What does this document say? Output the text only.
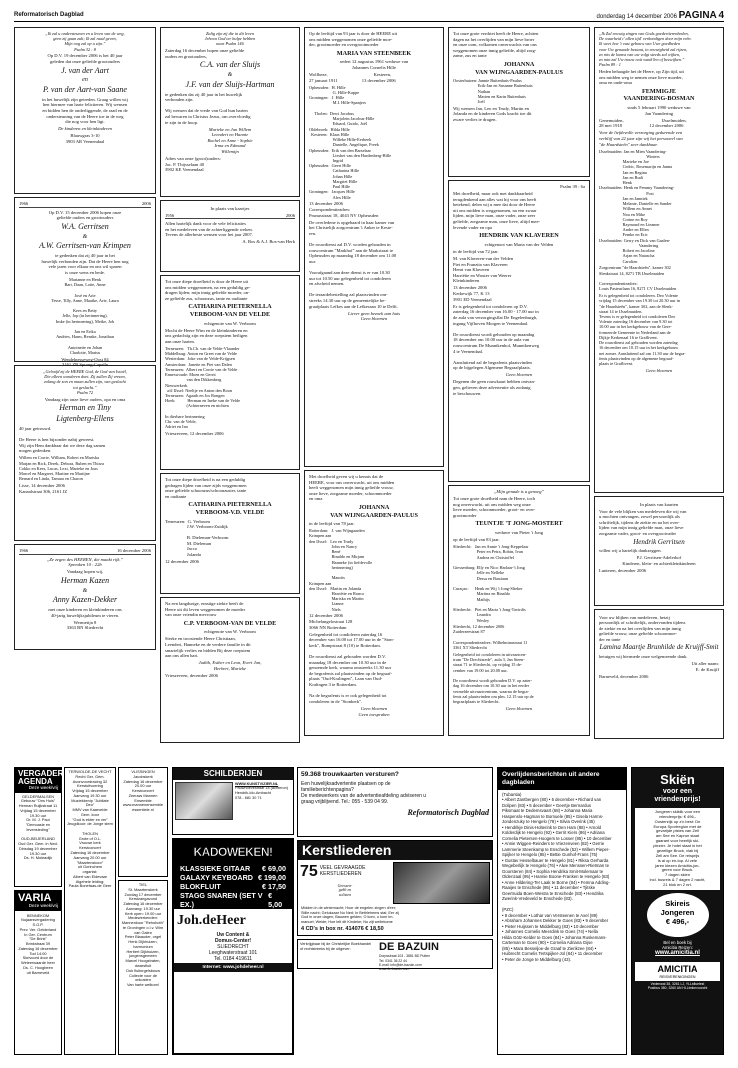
Reformatorisch Dagblad	donderdag 14 december 2006 PAGINA 4
„Ik zal u ondersteunen en u leven van de weg,
geen zij gaan zult; Ik zal raad geven,
Mijn oog zal op u zijn.”
Psalm 32 : 8
Op D.V. 19 december 2006 is het 40 jaar
geleden dat onze geliefde grootouders
J. van der Aart
en
P. van der Aart-van Saane
in het huwelijk zijn getreden. Graag willen wij
hen hiermee van harte feliciteren. Wij wensen
en bidden hen de onderliggende, de raad en de
ondersteuning van de Heere toe in de weg
die nog voor hen ligt.
De kinderen en kleinkinderen
Blauwgras 3-10
3903 AR Veenendaal
1966	2006
Op D.V. 15 december 2006 hopen onze
geliefde ouders en grootouders
W.A. Gerritsen
&
A.W. Gerritsen-van Krimpen
te gedenken dat zij 40 jaar in het
huwelijk verbonden zijn. Dat de Heere hen nog
vele jaren voor elkaar en ons wil sparen
is onze wens en bede.
Marianne en Henk
Bart, Daan, Lotte, Anne

José en Arie
Tesse, Tilly, Anne, Maaike, Arie, Laura

Kees en Betty
Jelle, Jop (in herinnering),
Imke (in herinnering), Meike, Job

Jan en Erika
Andries, Harm, Renske, Jonathan

Antoinette en Johan
Charlotte, Marius
Wendelnesseweg-Oost 84
3161 ZB Sprang-Capelle
„Geloofd zij de HEERE God, de God van Israël,
Die alleen wonderen doet. Zij zullen Zij vrezen,
zolang de zon en maan zullen zijn, van geslacht
tot geslacht.”
Psalm 72
Vandaag zijn onze lieve ouders, opa en oma
Herman en Tiny
Ligtenberg-Ellens
40 jaar getrouwd.

De Heere is hen bijzonder nabij geweest.
Wij zijn Hem dankbaar dat we deze dag samen
mogen gedenken.
Willem en Corrie, William, Robert en Mariska
Marjan en Rick, Derek, Debora, Ruben en Thirza
Cokko en Kees, Lucas, Lexi, Marieke en Joas
Marcel en Margreet, Martine en Martijne
Bernard en Linda, Tamara en Charon
Lisse, 14 december 2006
Kanaalstraat 306, 2161 JZ
1966	16 december 2006
„Ze zegen des HEEREN, die maakt rijk.”
Spreuken 10 : 22b
Vandaag hopen wij,
Herman Kazen
&
Anny Kazen-Dekker
met onze kinderen en kleinkinderen ons
40-jarig huwelijksjubileum te vieren.
Wermetijn 8
3363 BN Sliedrecht
Zalig zijn zij die in dit leven
Jehova God ter hulpe hebben
naar Psalm 146
Zaterdag 16 december hopen onze geliefde
ouders en grootouders,
C.A. van der Sluijs
&
J.F. van der Sluijs-Hartman
te gedenken dat zij 40 jaar in het huwelijk
verbonden zijn.

Wij wensen dat de vrede van God hun harten
zal bewaren in Christus Jezus, om overvloedig
te zijn in de hoop.
Marieke en Jan Willem
Leendert en Hannie
Rachel en Anne - Sophie
Irma en Edmund
Willemijn
Adres van onze (groot)ouders:
Jac. P. Thijsselaan 40
3902 KE Veenendaal
In plaats van kaartjes
1956	2006
Allen hartelijk dank voor de vele felicitaties
en het medeleven van de achterliggende weken.
Tevens de allerbeste wensen voor het jaar 2007.
A. Bos & A.J. Bos-van Herk
Tot onze diepe droefheid is door de Heere uit
ons midden weggenomen, na een geduldig ge-
dragen lijden; mijn innig geliefde moeder, on-
ze geliefde zus, schoonzus, tante en oudtante
CATHARINA PIETERNELLA
VERBOOM-VAN DE VELDE
echtgenote van W. Verboom
Mocht de Heere Wim en de kleinkinderen en
ons gedachtig zijn en deze roepstem heiligen
aan onze harten.
Terneuzen:   Th.Ch. van de Velde-Vlaander
Middelburg: Anton en Greet van de Velde
Westerdam:  Joke van de Velde-Krijgsen
Amsterdam:  Janette en Piet van Dalen
Terneuzen:  Albert en Corrie van de Velde
Enneswoude: Moen en Gerrit
van den Dikkenberg
Nieuwerkerk
a/d IJssel: Neeltje en Anton den Boon
Terneuzen:  Agaath en Jos Rongen
Hoek:           Herman en Ineke van de Velde
(Achterneven en nichten

In dierbare herinnering
Chr. van de Velde,
Adriet en Ina
Vrieszeveen, 12 december 2006
Tot onze diepe droefheid is na een geduldig
gedragen lijden van onze zijds weggenomen
onze geliefde schoonzus/schoonzuster, tante
en oudtante
CATHARINA PIETERNELLA
VERBOOM-V.D. VELDE
Terneuzen:  G. Verboom
J.W. Verboom-Zuidijk

B. Dieleman-Verboom
M. Dieleman
Jacco
Jolanda
12 december 2006
Na een langdurige, ernstige ziekte heeft de
Heere uit dit leven weggenomen de moeder
van onze vriendin mevrouw
C.P. VERBOOM-VAN DE VELDE
echtgenote van W. Verboom
Sterke en troostende Heere Christiaan,
Leendert, Hanneke en de verdere familie in dit
smartelijk verlies en bidden Bij deze roepstem
aan ons allen hart.
Judith, Esther en Leon, Evert Jan,
Herbert, Marieke
Vrieszeveen, december 2006
Op de leeftijd van 93 jaar is door de HEERE uit
ons midden weggenomen onze geliefde moe-
der, grootmoeder en overgrootmoeder
MARIA VAN STEENBEEK
sedert 12 augustus 1961 weduwe van
Johannes Cornelis Hille
Wolfheze,                                        Kesteren,
27 januari 1911                     13 december 2006
Opheusden:  H. Hille
G. Hille-Kappe
Groningen:   J. Hille
M.I. Hille-Spanjers

Tholen:  Dewi Jacobus
Marjolein Jacobus-Hille
Eduard, Guido, Joël
Oldebroek:  Hilda Hille
Kesteren:  Klaas Hille
Willeke Hille-Eerbeek
Danielle, Angelique, Freek
Opheusden:  Erik van den Barselaar
Liesbet van den Hardenberg-Hille
Ingrid
Opheusden:  Geert Hille
Catharina Hille
Johan Hille
Margriet Hille
Paul Hille
Groningen:   Jacques Hille
Alex Hille
13 december 2006
Correspondentieadres:
Prunusstraat 18, 4043 NV Opheusden
De overledene is opgebaard in haar kamer van
het Christelijk zorgcentrum 't Anker te Keste-
ren.

De rouwdienst zal D.V. worden gehouden in
rouwcentrum "Markhof" aan de Markstraat te
Opheusden op maandag 18 december om 11.00
uur.

Voorafgaand aan deze dienst is er van 10.30
uur tot 10.50 uur gelegenheid tot condoleren
en afscheid nemen.

De teraardebestelling zal plaatsvinden om-
streeks 14.30 uur op de gemeentelijke be-
graafplaats Lefkes aan de Lefkesaan 10 te Delft.
Liever geen bezoek aan huis
Geen bloemen
Met droefheid geven wij u kennis dat de
HEERE, voor ons onverwacht, uit ons midden
heeft weggenomen mijn innig geliefde vrouw,
onze lieve, zorgzame moeder, schoonmoeder
en oma
JOHANNA
VAN WIJNGAARDEN-PAULUS
in de leeftijd van 78 jaar.
Rotterdam:   J. van Wijngaarden
Krimpen aan
den IJssel:   Leo en Trudy
John en Nancy
René
Rinaldo en Mirjam
Hanneke (in liefdevolle
herinnering)

Maurits
Krimpen aan
den IJssel:   Martin en Jolanda
Harriëtte en Ronco
Mariska en Martin
Lianne
Niels
12 december 2006
Michelangelostraat 128
3066 NN Rotterdam
Gelegenheid tot condoleren zaterdag 16
december van 16.00 tot 17.00 uur in de "Ston-
kerk", Rumpstraat 8 (10) te Rotterdam.

De rouwdienst zal gehouden worden D.V.
maandag 18 december om 10.30 uur in de
genoemde kerk, waarna omstreeks 11.30 uur
de begrafenis zal plaatsvinden op de begraaf-
plaats "Oud-Kralingen", Laan van Oud-
Kralingen 3 te Rotterdam.

Na de begrafenis is er ook gelegenheid tot
condoleren in de "Stonkerk".
Geen bloemen
Geen toespraken
Tot onze grote verdriet heeft de Heere, achtten
dagen na het overlijden van mijn lieve broer
en onze oom, volkomen onverwachts van ons
weggenomen onze innig geliefde, altijd zorg-
zame, zus en tante
JOHANNA
VAN WIJNGAARDEN-PAULUS
Oosterhuizen: Jannie Buitenhuis-Paulus
Erik-Jan en Susanne Buitenhuis
Nathan
Marien en Karin Buitenhuis
Joël
Wij wensen Jan, Leo en Trudy, Martin en
Jolanda en de kinderen Gods kracht toe dit
zware verlies te dragen.
Psalm 39 : 6a
Met droefheid, maar ook met dankbaarheid
terugdenkend aan alles wat hij voor ons heeft
betekend, delen wij u mee dat door de Heere
uit ons midden is weggenomen, na een zwaar
lijden, mijn lieve man, onze vader, onze zeer
geliefde, zorgzame man, onze lieve, altijd mee-
levende vader en opa
HENDRIK VAN KLAVEREN
echtgenoot van Maria van der Velden
in de leeftijd van 72 jaar.
M. van Klaveren-van der Velden
Piet en Franzita van Klaveren
Henri van Klaveren
Harriëtte en Wouter van Weerer
Kleinkinderen
13 december 2006
Kerkewijk 77, K 13
3901 ED Veenendaal
Er is gelegenheid tot condoleren op D.V.
zaterdag 16 december van 16.00 - 17.00 uur in
de aula van verzorgingsflat De Engelenburgh,
ingang Vijfhoven Morgen te Veenendaal.

De rouwdienst wordt gehouden op maandag
18 december om 10.00 uur in de aula van
rouwcentrum De Munnikenhof, Munnikenweg
4 te Veenendaal.

Aansluitend zal de begrafenis plaatsvinden
op de bijgelegen Algemene Begraafplaats.
Geen bloemen
Degenen die geen rouwkaart hebben ontvan-
gen, gelieven deze advertentie als zodanig
te beschouwen.
„Mijn genade is u genoeg”
Tot onze grote droefheid nam de Heere, toch
nog onverwacht, uit ons midden weg onze
lieve moeder, schoonmoeder, groot- en over-
grootmoeder
TEUNTJE 'T JONG-MOSTERT
weduwe van Pieter 't Jong
op de leeftijd van 83 jaar.
Sliedrecht:   Jan en Annie 't Jong-Keppelaar
Peter en Petra, Robin, Ivan
Andrea en Christoffel

Giessenburg: Elly en Nico Harlaar-'t Jong
Jelle en Nelleke
Dessa en Bastiaan

Curaçao:      Henk en Wij 't Jong-Slieker
Martina en Rinaldo
Mathijs

Sliedrecht:   Piet en Maria 't Jong-Tavirdis
Leandra
Wesley
Sliedrecht, 12 december 2006
Zuiderzeestraat 87

Correspondentieadres: Wilhelminastraat 11
3361 XT Sliedrecht
Gelegenheid tot condoleren in uitvaartcen-
trum "De Drechtstede", aula 3, Jan Steen-
straat 71 te Sliedrecht, op vrijdag 15 de-
cember van 19.00 tot 20.00 uur.

De rouwdienst wordt gehouden D.V. op zater-
dag 16 december om 10.30 uur in het eerder
vermelde uitvaartcentrum, waarna de begra-
fenis zal plaatsvinden om plm. 12.15 uur op de
begraafplaats te Sliedrecht.
Geen bloemen
„Ik Zal eeuwig zingen van Gods goedertierenheden,
De waarheid t' allen tijd' verkondigen door mijn reên.
Ik weet hoe 't vast gebouw van Uwe goedheden
voor Uw genaade bestaat, in eeuwigheid zal rijzen,
zo mis de komst van uw volgt steeds zal wijken,
zo min zal Uw trouw ooit wank'len of bezwijken.”
Psalm 89 : 1
Heden behaagde het de Heere, op Zijn tijd, uit
ons midden weg te nemen onze lieve moeder,
oma en oude-oma
FEMMIGJE
VAANDERING-BOSMAN
sinds 5 februari 1990 weduwe van
Jan Vaandering
Genemuiden,                                 IJsselmuiden,
28 mei 1918                        12 december 2006
Voor de liefdevolle verzorging gedurende een
verblijf van 22 jaar zijn wij het personeel van
"de Haardsteên" zeer dankbaar.
IJsselmuiden: Jan en Mien Vaandering-
Winters
Marieke en Joe
Cedric, Rosemarijn en Janna
Jan en Regina
Jan en Rudi
Henk
IJsselmuiden: Henk en Femmy Vaandering-
Post
Jan en Janniek
Melanie, Danielle en Sander
Willem en Annet
Noa en Mike
Corine en Roy
Raymond en Lieanne
Andre en Ellen
Femke en Eric
IJsselmuiden: Gerry en Dick van Gaalen-
Vaandering
Robert en Jacoline
Arjan en Natascha
Carolien
Zorgcentrum "de Haardsteên", kamer 302
Slenkstraat 14, 8271 TB IJsselmuiden

Correspondentieadres:
Louis Pasteurlaan 16, 8271 CV IJsselmuiden
Er is gelegenheid tot condoleren. Deo Volente
vrijdag 15 december van 19.30 tot 20.30 uur in
"de Haardsteên", kamer 302, aan de Slenk-
straat 14 te IJsselmuiden.
Tevens is er gelegenheid tot condoleren Deo
Volente zaterdag 16 december van 9.30 tot
10.00 uur in het kerkgebouw van de Gere-
formeerde Gemeente in Nederland aan de
Dijkje Kerkenaal 16 te Graflivent.
De rouwdienst zal gehouden worden zaterdag
16 december om 10.15 uur in het kerkgebouw
net zomer. Aansluitend zal om 11.30 uur de begra-
fenis plaatsvinden op de algemene begraaf-
plaats te Graflivent.
Geen bloemen
In plaats van kaarten
Voor de vele blijken van medeleven die wij van
u mochten ontvangen, zowel persoonlijk als
schriftelijk, tijdens de ziekte en na het over-
lijden van mijn innig geliefde man, onze lieve
zorgzame vader, groot- en overgrootvader
Hendrik Gerritsen
willen wij u hartelijk dankzeggen.
P.J. Gerritsen-Adelerhof
Kinderen, klein- en achterkleinkinderen
Lunteren, december 2006
Voor uw blijken van medeleven, hetzij
persoonlijk of schriftelijk, ondervonden tijdens
de ziekte en na het overlijden van mijn innig
geliefde vrouw, onze geliefde schoonmoe-
der en tante
Lamina Maartje Brunhilde de Kruijff-Smit
betuigen wij hiermede onze welgemeende dank.
Uit aller naam:
E. de Kruijff
Barneveld, december 2006
VERGADER-
AGENDA
Deze week/vrij
GELDERMALSEN
Gebouw "Ons Huis"
Herman Ruijkstraat 11
Vrijdag 15 december
19.30 uur
Dr. M. J. Paul
"Demoasie en levensleding"

OUD-BEIJERLAND
Oud Ger. Gem. in Ned.
Dinsdag 19 december
19.30 uur
Ds. H. Moleadijk
VARIA
Deze week/vrij
BENNEKOM
Nujaarsvergadering S.G.P.
Prev. Ver. Gelderland
In Ger. Centrum
"De Brink"
Brinkstraat 39
Zaterdag 16 december
Tod 14:00
Skrivoord door de
Weleerwaarde heer
Ds. C. Hoogbeen
uit Barneveld
TERWOLDE-DE VECHT
Recht Ger. Gem.
Avonvoordracing 32
Kerstuitvoering
Vrijdag 15 december
Aanvang 19.30 uur
Muziekkenip "Jubilate Deo"
MMV van Kaarvelde
Gem. koor
"God is ekter en ver"
Jeugdkoor: de Jonge stem

THOLEN
Grote of O.L.
Vrouwe kerk
Kerstconcert
Zaterdag 16 december
Aanvang 20.00 uur
"Maartenskoor"
uit Gorinchem
organist:
Albert van Eldevaar
Algehele leiding:
Paula Bonefaas-de Geer
VLISSINGEN
Jacobskerk
Zaterdag 16 december
20.00 uur
Kerstconcert
Zeeuws Mannen Ensemble
www.mannenensemble
essentiele.nl
TIEL
St. Maartenskerk
Zondag 17 december
Kerstzangavond
Zaterdag 16 december
Aanvang: 19.30 uur
Kerk open: 19.00 uur
Medewerkenden:
Mannenkoor "Rehoboth"
te Groningen o.l.v. Wim van Galen
Peter Blaauder, orgel
Henk Dijkhuizen, harmonium
Herbert Dijkhuizen, jongensgemeen
Marcel Hoogstraten, dwarsfluit
Ook fluitorgelsbouw
Collecte voor de onkosten
Van harte welkom!
SCHILDERIJEN
WWW.KUNSTVIZIER.NL
Pauwhoevestraat 18 (achteron)
Hendrik-Ido-Ambacht
078 - 681 30 71
59.368 trouwkaarten versturen?
Een huwelijksadvertentie plaatsen op de
familieberichtenpagina?
De medewerkers van de advertentieafdeling adviseren u
graag vrijblijvend. Tel.: 055 - 539 04 99.
Reformatorisch Dagblad
Kerstliederen
75 VEEL GEVRAAGDE
KERSTLIEDEREN
Geessen-
geklt en
solisten
Midden in de winternacht; Hoor de engelen zingen d'eer;
Stille nacht; Gelukzaar Nu Ned; In Bethlehems stal; Eer zij
God in onze dagen; Bauwen gelden; O kom, o kom Im-
manuel; Weide; Hoe lelt dit Kindeke; Nu zijt wellekome
4 CD's in box nr. 414076 € 18,50
Verkrijgbaar bij de Christelijke Boekhandel
of rechtstreeks bij de uitgever:	DE BAZUIN
Dorpsstraat 103 - 3881 BD Putten
Tel. 0341 36 22 44
E-mail: info@de-bazuin.com
www.de-bazuin.com
KADOWEKEN!
KLASSIEKE GITAAR € 69,00
GALAXY KEYBOARD € 199,00
BLOKFLUIT	€ 17,50
STAGG SNAREN (SET V EX.)
€ 5,00
Joh.deHeer
Uw Content &
Domus-Center!
SLIEDRECHT
Leeghwaterstraat 101
Tel. 0184 419611
Internet: www.johdeheer.nl
Overlijdensberichten uit andere dagbladen
(Tubantia)
• Albert Zantbergen (80) • 5 december • Richard van
Dolipen (83) • 5 december • Geertje Bernardus
Piksmaat te Dedemsvaart (68) • Johanna Maria
Haspenslo-Hagman te Bornuele (85) • Gisela Harms-
Jondenzuky te Hengelo (78) • Silvia Overink (45)
• Hendrikje Dinis-Holterink te Den Ham (88) • Arnold
Kolderdijk te Hengelo (92) • Gerrit Kiers (86) • Adriana
Cornelia Pietersen-Hoogers te Losser (85) • 10 december
• Annie Wiggen-Reinders te Vriezenveen (82) • Gerrie
Lammerie Steenkamp te Enschede (52) • Willem Pieper-
Spijker te Hengelo (85) • Bettie Gunhof-Frans (75)
• Gustav Hesselbauer te Hengelo (81) • Riksa Gerharda
Wegeberlijk te Hengelo (76) • Alwe Menssen-Rietman te
Goorsteren (84) • Sophia Hendrika Smit-Molemaar te
Oldenzaal (95) • Hannie Boone-Franken te Hengelo (83)
• Anne Hildering-Ter Laak te Borne (84) • Femna Adding-
Raaijes te Enschede (95) • 11 december • Tjitske
Geertruida Boen-Westra te Enschede (83) • Hendrika
Zwerink-Vredeveld te Enschede (83).

(PZC)
• 8 december • Lothar van Versteenen te Axel (89)
• Abraham Johannes Dekker te Goes (83) • 9 december
• Pieter Huijssen te Middelburg (83) • 10 december
• Johannes Cornelis Meerdink te Goes (74) • Nella
Hilda Götz-Kelder te Goes (84) • Johanna Ruskemans-
Carteman te Goes (90) • Cornelia Adriana Gijse
(85) • Mara Besseljoe-de Graaf te Zierikzee (84) •
Huibrecht Cornelis Tertspijker-Jol (84) • 11 december
• Peter de Jonge te Middelburg (43).
Skiën
voor een
vriendenprijs!
Jongeren skiklik voor een
vriendenprijs: € 496,-
Oostenrijk op z'n best: De
Europa Sportregion met de
gevarijde pistes van Zell
am See en Kaprun staat
gaarant voor heerlijk ski-
plezier. Je hotel staat in het
gezellige Bruck, vlak bij
Zell am See. De reisprijs
is al op en-top. Al vele
jaren kiezen Amicitia-jon-
geren voor Bruck.
7 dagen skien
incl. busreis & 7 dagen 2 nacht,
21 blok en 2 nrt.
Skireis
Jongeren
€ 496,-
Bel en boek bij
Amicitia Reizen:
www.amicitia.nl
AMICITIA
REISVERENIGINGEN
Vedenwal 38, 3261 LJ, YLLsfluelest
Postbus 380, 3260 AN HLLtmbnvoorcht
